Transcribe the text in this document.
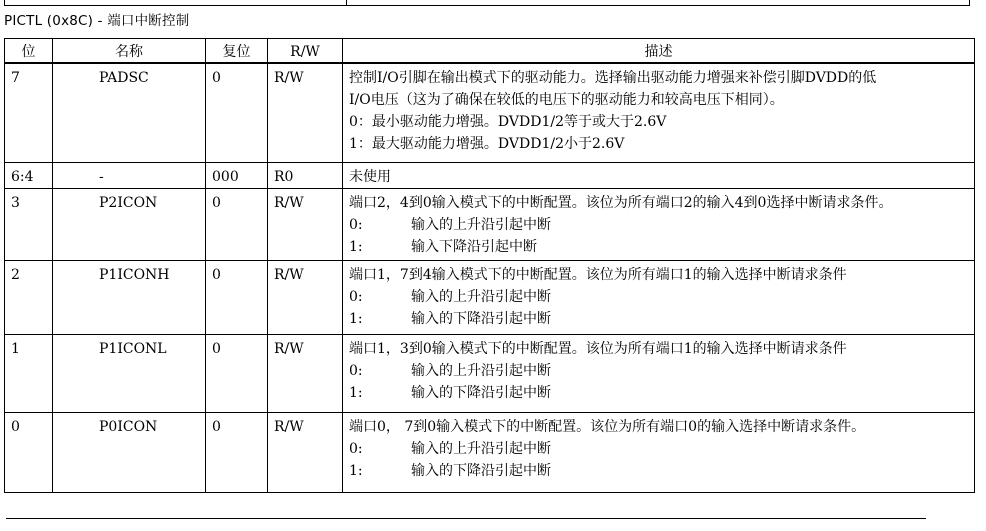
PICTL (0x8C) - 端口中断控制
位	名称	复位	R/W	描述
7	PADSC	0	R/W	控制I/O引脚在输出模式下的驱动能力。选择输出驱动能力增强来补偿引脚DVDD的低
I/O电压（这为了确保在较低的电压下的驱动能力和较高电压下相同）。
0：最小驱动能力增强。DVDD1/2等于或大于2.6V
1：最大驱动能力增强。DVDD1/2小于2.6V

6:4	-	000	R0	未使用

3	P2ICON	0	R/W	端口2，4到0输入模式下的中断配置。该位为所有端口2的输入4到0选择中断请求条件。
0: 输入的上升沿引起中断
1: 输入下降沿引起中断

2	P1ICONH	0	R/W	端口1，7到4输入模式下的中断配置。该位为所有端口1的输入选择中断请求条件
0: 输入的上升沿引起中断
1: 输入的下降沿引起中断

1	P1ICONL	0	R/W	端口1，3到0输入模式下的中断配置。该位为所有端口1的输入选择中断请求条件
0: 输入的上升沿引起中断
1: 输入的下降沿引起中断

0	P0ICON	0	R/W	端口0， 7到0输入模式下的中断配置。该位为所有端口0的输入选择中断请求条件。
0: 输入的上升沿引起中断
1: 输入的下降沿引起中断
